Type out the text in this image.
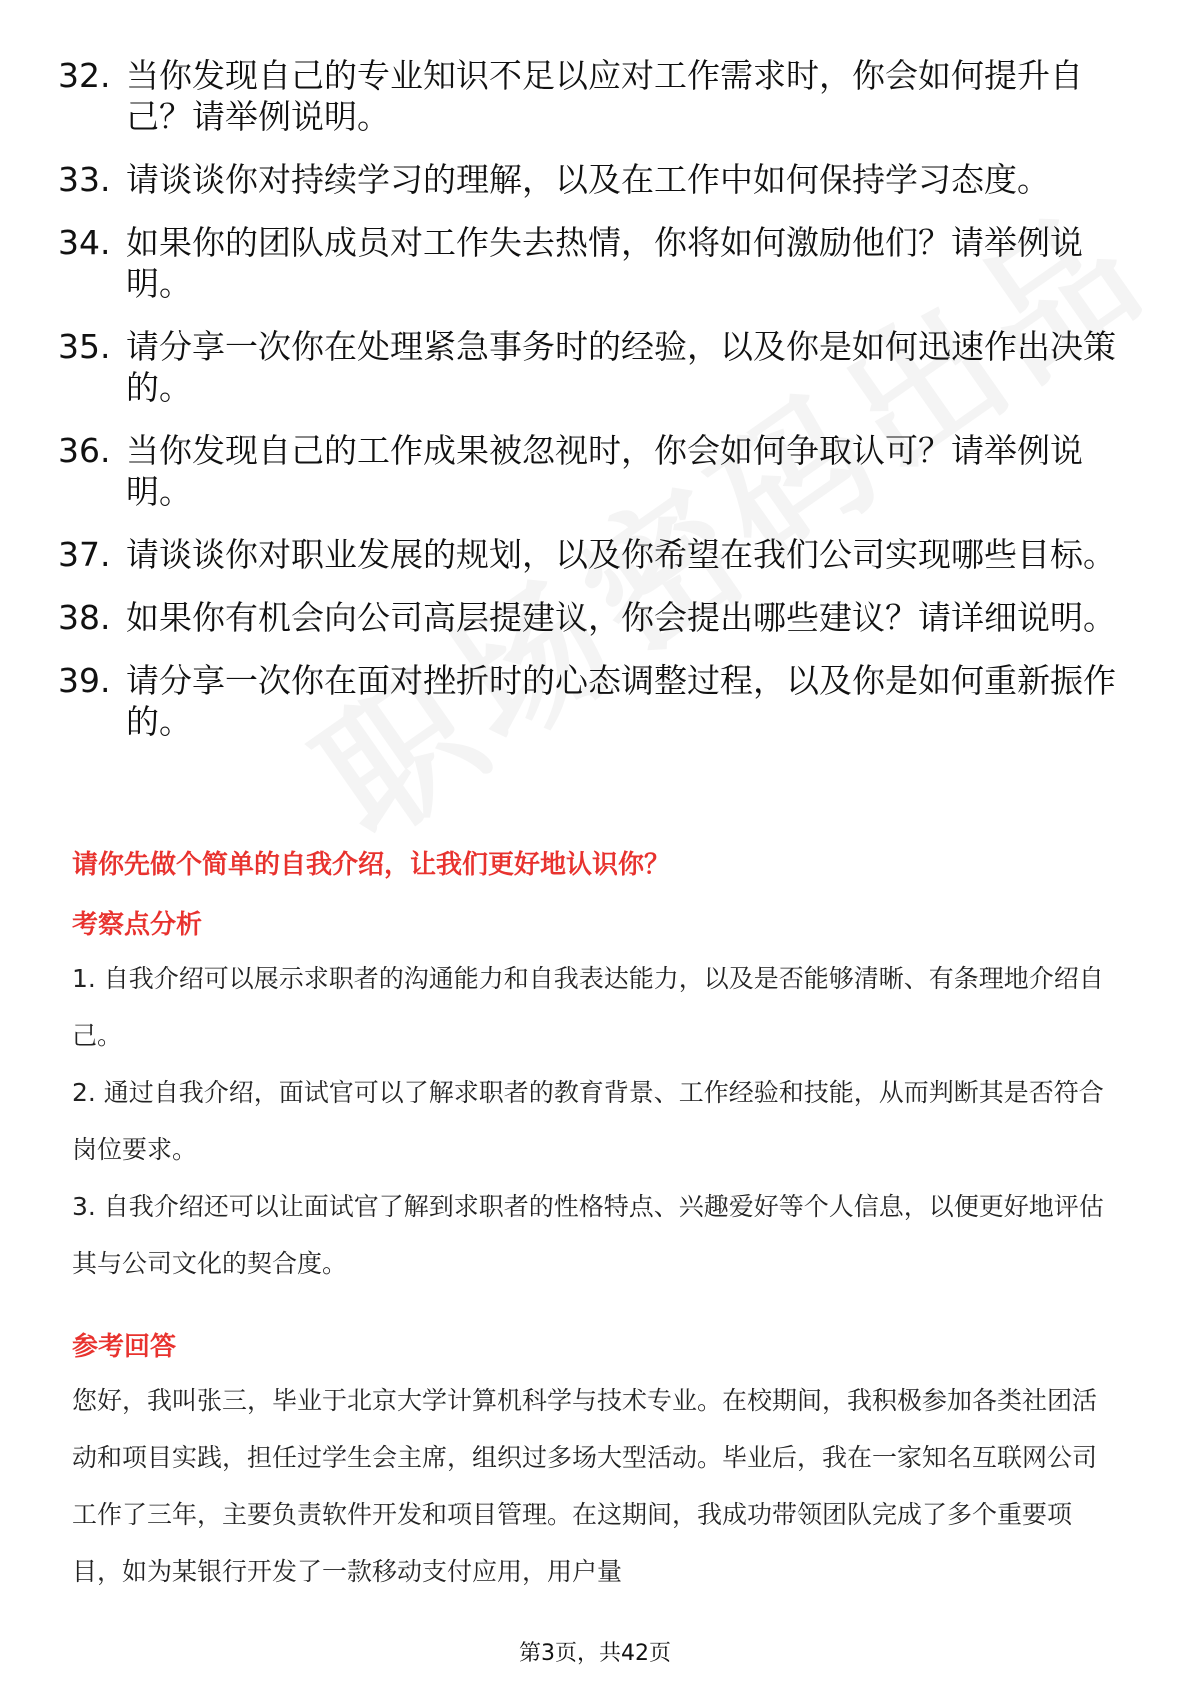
32. 当你发现自己的专业知识不足以应对工作需求时，你会如何提升自己？请举例说明。
33. 请谈谈你对持续学习的理解，以及在工作中如何保持学习态度。
34. 如果你的团队成员对工作失去热情，你将如何激励他们？请举例说明。
35. 请分享一次你在处理紧急事务时的经验，以及你是如何迅速作出决策的。
36. 当你发现自己的工作成果被忽视时，你会如何争取认可？请举例说明。
37. 请谈谈你对职业发展的规划，以及你希望在我们公司实现哪些目标。
38. 如果你有机会向公司高层提建议，你会提出哪些建议？请详细说明。
39. 请分享一次你在面对挫折时的心态调整过程，以及你是如何重新振作的。
请你先做个简单的自我介绍，让我们更好地认识你？
考察点分析
1. 自我介绍可以展示求职者的沟通能力和自我表达能力，以及是否能够清晰、有条理地介绍自己。
2. 通过自我介绍，面试官可以了解求职者的教育背景、工作经验和技能，从而判断其是否符合岗位要求。
3. 自我介绍还可以让面试官了解到求职者的性格特点、兴趣爱好等个人信息，以便更好地评估其与公司文化的契合度。
参考回答
您好，我叫张三，毕业于北京大学计算机科学与技术专业。在校期间，我积极参加各类社团活动和项目实践，担任过学生会主席，组织过多场大型活动。毕业后，我在一家知名互联网公司工作了三年，主要负责软件开发和项目管理。在这期间，我成功带领团队完成了多个重要项目，如为某银行开发了一款移动支付应用，用户量
第3页，共42页
